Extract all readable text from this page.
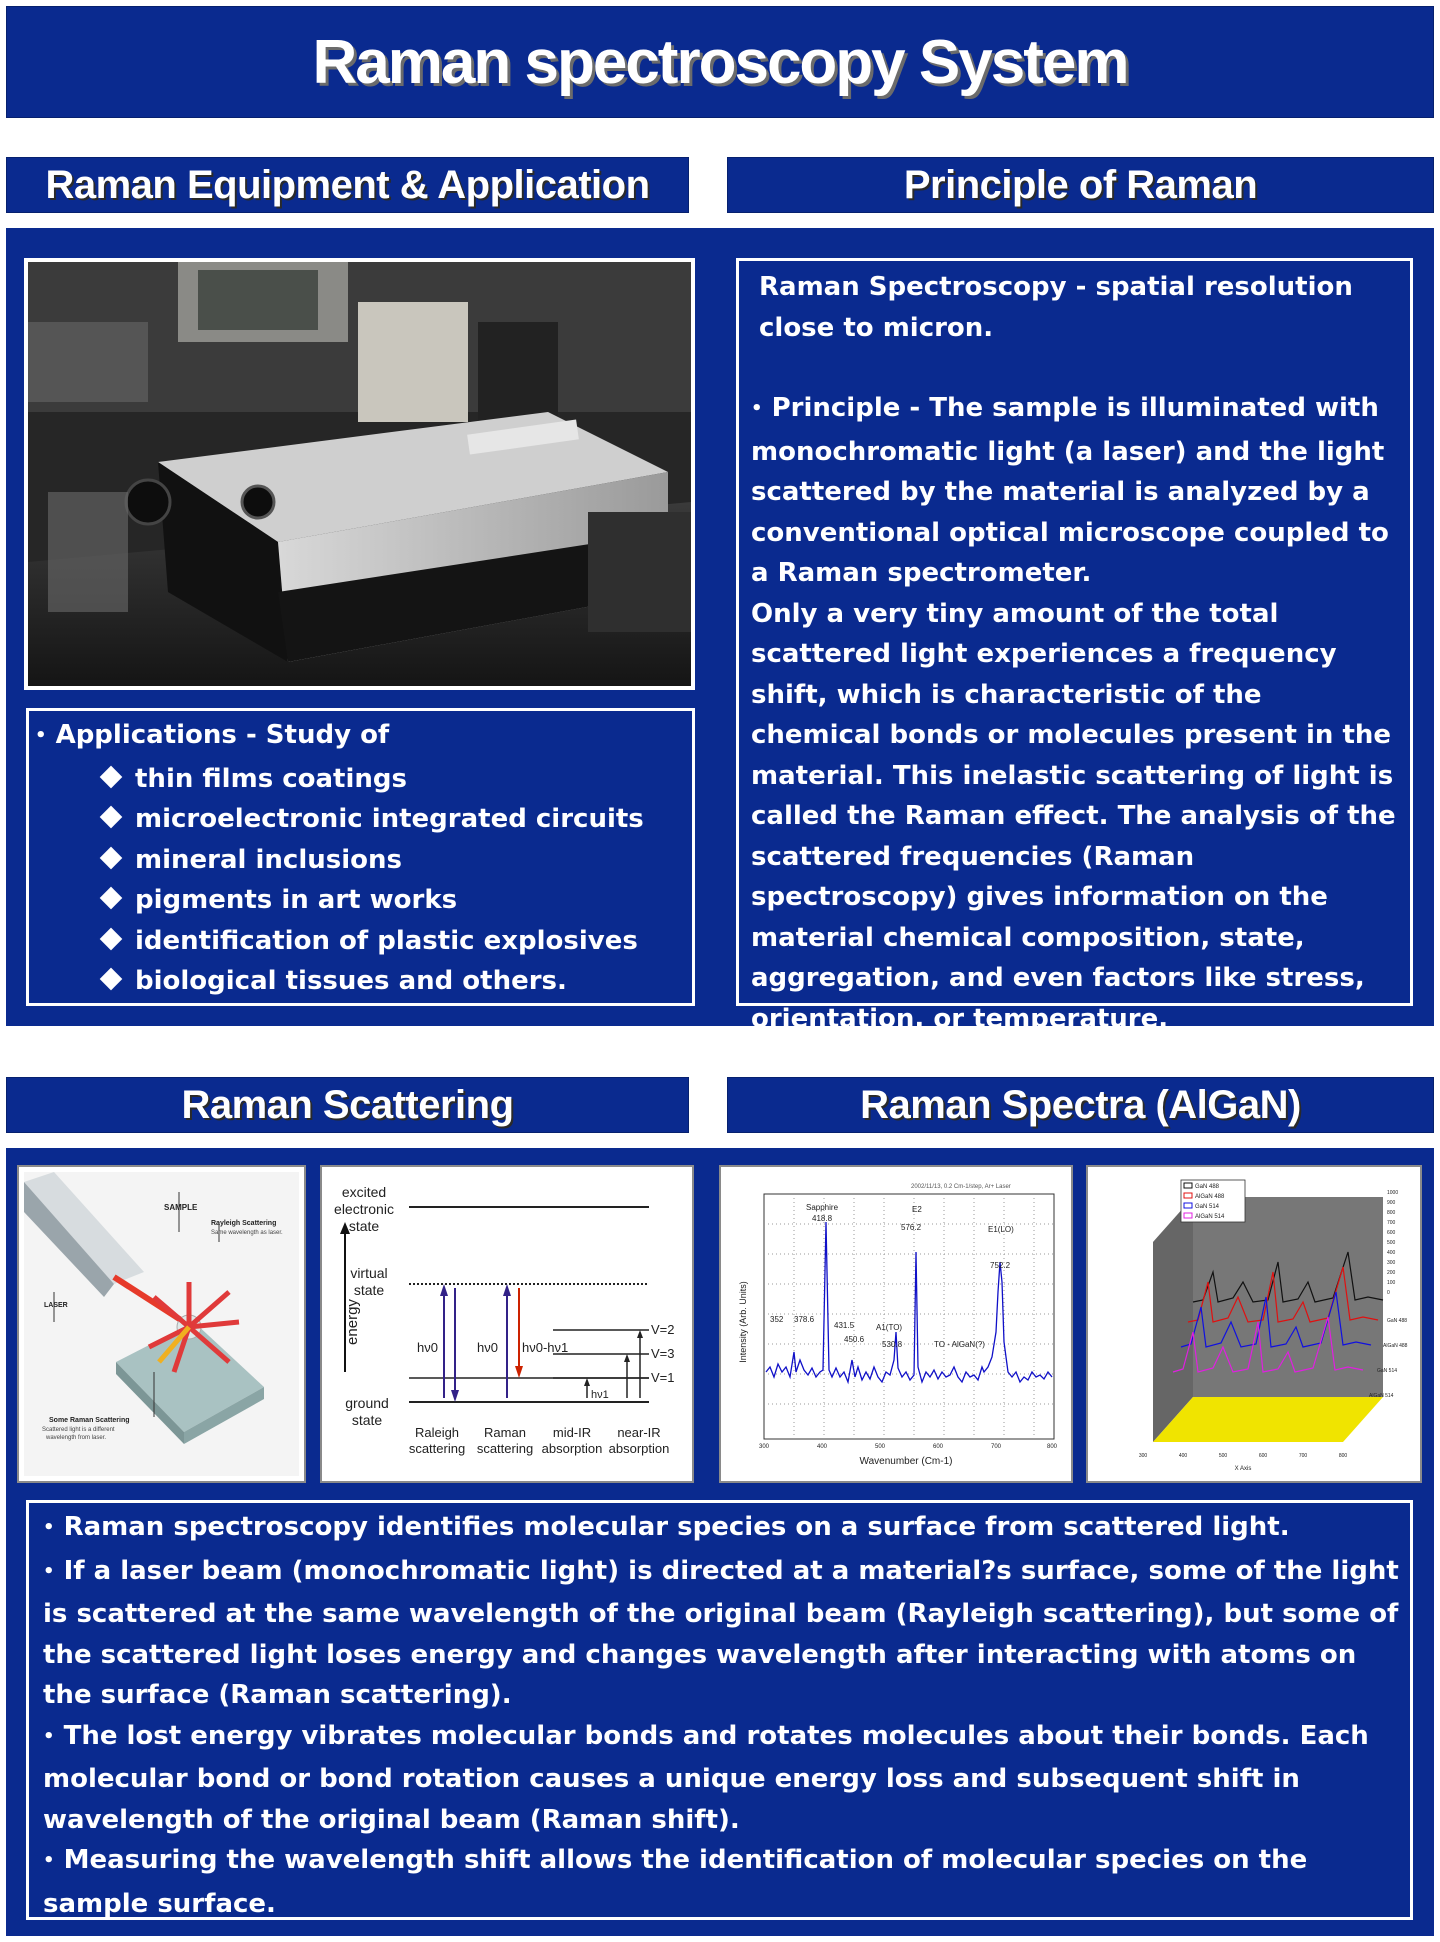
Raman spectroscopy System
Raman Equipment & Application	Principle of Raman

• Applications - Study of

thin films coatings

microelectronic integrated circuits

mineral inclusions

pigments in art works

identification of plastic explosives

biological tissues and others.

Raman Spectroscopy - spatial resolution close to micron.

• Principle - The sample is illuminated with monochromatic light (a laser) and the light scattered by the material is analyzed by a conventional optical microscope coupled to a Raman spectrometer.

Only a very tiny amount of the total scattered light experiences a frequency shift, which is characteristic of the chemical bonds or molecules present in the material. This inelastic scattering of light is called the Raman effect. The analysis of the scattered frequencies (Raman spectroscopy) gives information on the material chemical composition, state, aggregation, and even factors like stress, orientation, or temperature.

Raman Scattering	Raman Spectra (AlGaN)
SAMPLE
Rayleigh Scattering
Same wavelength as laser.
LASER
Some Raman Scattering
Scattered light is a different
wavelength from laser.
excited
electronic
state
virtual
state
ground
state
energy
hν0	hν0 hν0-hν1
hν1
V=3
V=2
V=1
Raleigh
scattering
Raman
scattering
mid-IR
absorption
near-IR
absorption
2002/11/13, 0.2 Cm-1/step, Ar+ Laser
Intensity (Arb. Units)
Wavenumber (Cm-1)
300	400	500	600	700	800
Sapphire
418.8
E2
576.2	E1(LO)
752.2
352 378.6
431.5
450.6
A1(TO)
530.8	TO - AlGaN(?)
GaN 488
AlGaN 488
GaN 514
AlGaN 514
1000
900
800
700
600
500
400
300
200
100
0
300	400	500	600	700	800
X Axis
GaN 488
AlGaN 488
GaN 514
AlGaN 514

• Raman spectroscopy identifies molecular species on a surface from scattered light.

• If a laser beam (monochromatic light) is directed at a material?s surface, some of the light is scattered at the same wavelength of the original beam (Rayleigh scattering), but some of the scattered light loses energy and changes wavelength after interacting with atoms on the surface (Raman scattering).

• The lost energy vibrates molecular bonds and rotates molecules about their bonds. Each molecular bond or bond rotation causes a unique energy loss and subsequent shift in wavelength of the original beam (Raman shift).

• Measuring the wavelength shift allows the identification of molecular species on the sample surface.
